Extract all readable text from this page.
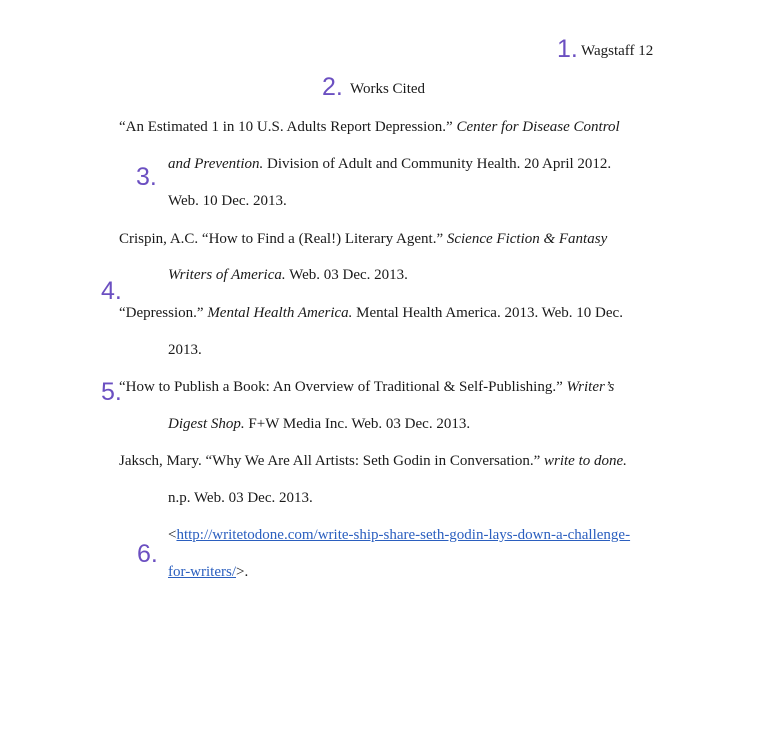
1. Wagstaff 12
2. Works Cited
“An Estimated 1 in 10 U.S. Adults Report Depression.” Center for Disease Control
and Prevention. Division of Adult and Community Health. 20 April 2012.
3.
Web. 10 Dec. 2013.
Crispin, A.C. “How to Find a (Real!) Literary Agent.” Science Fiction & Fantasy
Writers of America. Web. 03 Dec. 2013.
4.
“Depression.” Mental Health America. Mental Health America. 2013. Web. 10 Dec.
2013.
5.
“How to Publish a Book: An Overview of Traditional & Self-Publishing.” Writer’s
Digest Shop. F+W Media Inc. Web. 03 Dec. 2013.
Jaksch, Mary. “Why We Are All Artists: Seth Godin in Conversation.” write to done.
n.p. Web. 03 Dec. 2013.
<http://writetodone.com/write-ship-share-seth-godin-lays-down-a-challenge-
6.
for-writers/>.
